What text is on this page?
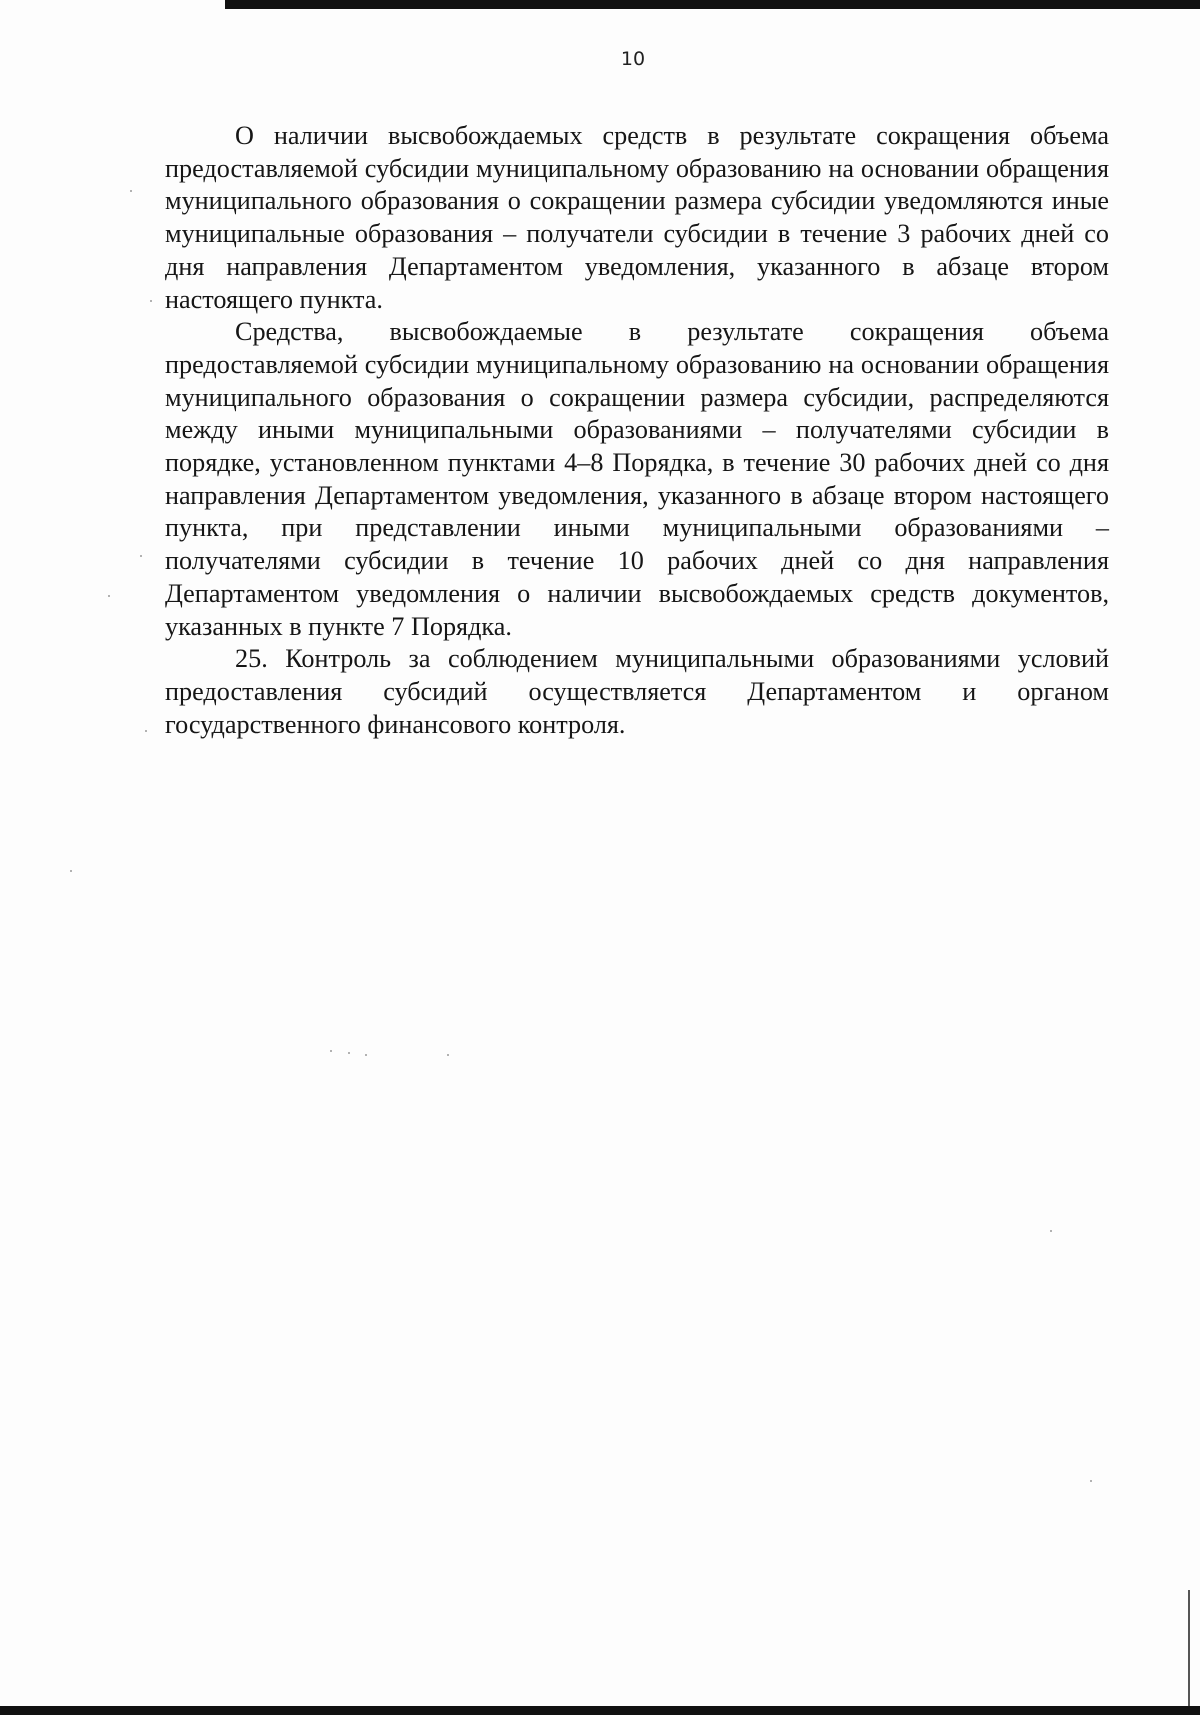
10

О наличии высвобождаемых средств в результате сокращения объема предоставляемой субсидии муниципальному образованию на основании обращения муниципального образования о сокращении размера субсидии уведомляются иные муниципальные образования – получатели субсидии в течение 3 рабочих дней со дня направления Департаментом уведомления, указанного в абзаце втором настоящего пункта.

Средства, высвобождаемые в результате сокращения объема предоставляемой субсидии муниципальному образованию на основании обращения муниципального образования о сокращении размера субсидии, распределяются между иными муниципальными образованиями – получателями субсидии в порядке, установленном пунктами 4–8 Порядка, в течение 30 рабочих дней со дня направления Департаментом уведомления, указанного в абзаце втором настоящего пункта, при представлении иными муниципальными образованиями – получателями субсидии в течение 10 рабочих дней со дня направления Департаментом уведомления о наличии высвобождаемых средств документов, указанных в пункте 7 Порядка.

25. Контроль за соблюдением муниципальными образованиями условий предоставления субсидий осуществляется Департаментом и органом государственного финансового контроля.
